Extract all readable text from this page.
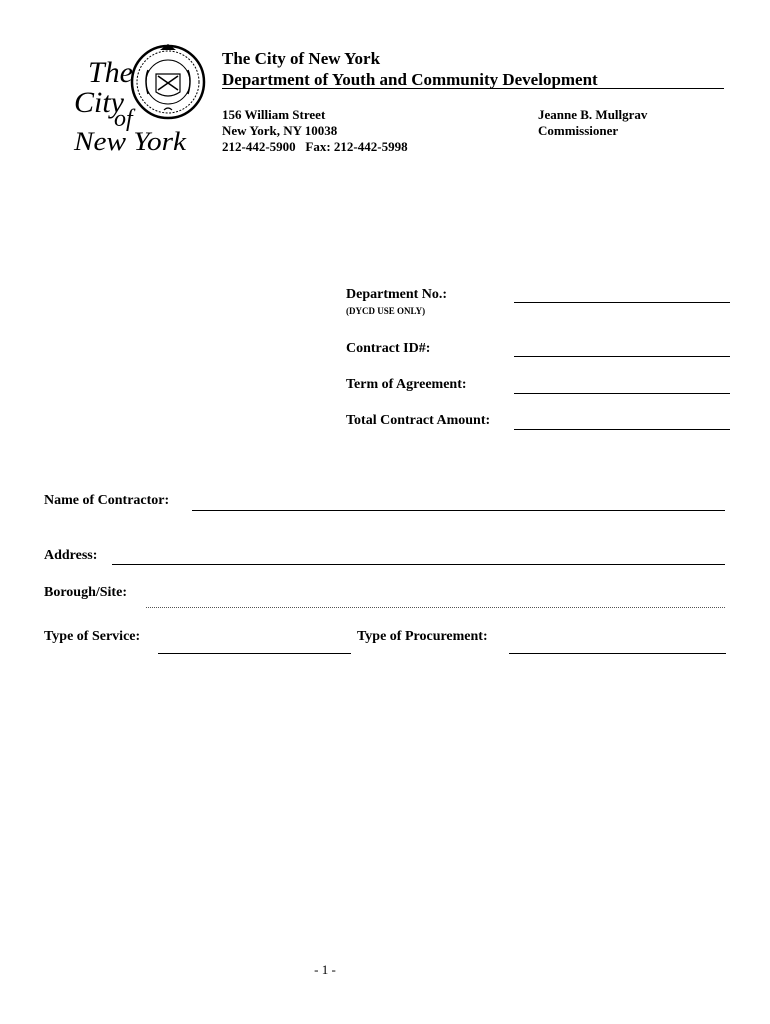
The
City
of
New York
The City of New York
Department of Youth and Community Development
156 William Street
New York, NY 10038
212-442-5900   Fax: 212-442-5998
Jeanne B. Mullgrav
Commissioner
Department No.:
(DYCD USE ONLY)
Contract ID#:
Term of Agreement:
Total Contract Amount:
Name of Contractor:
Address:
Borough/Site:
Type of Service:	Type of Procurement:
- 1 -
